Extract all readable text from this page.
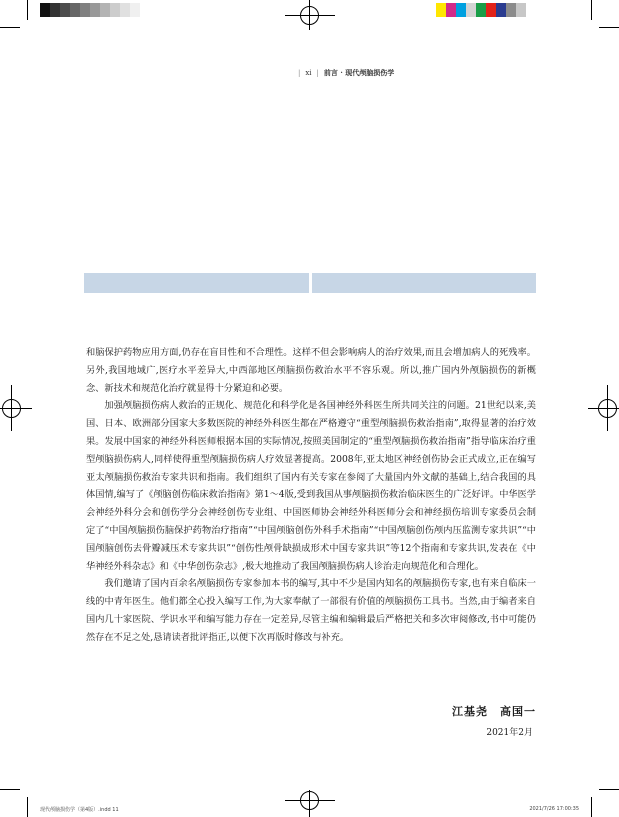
| xi | 前言 · 现代颅脑损伤学

和脑保护药物应用方面,仍存在盲目性和不合理性。这样不但会影响病人的治疗效果,而且会增加病人的死残率。另外,我国地域广,医疗水平差异大,中西部地区颅脑损伤救治水平不容乐观。所以,推广国内外颅脑损伤的新概念、新技术和规范化治疗就显得十分紧迫和必要。

加强颅脑损伤病人救治的正规化、规范化和科学化是各国神经外科医生所共同关注的问题。21世纪以来,美国、日本、欧洲部分国家大多数医院的神经外科医生都在严格遵守“重型颅脑损伤救治指南”,取得显著的治疗效果。发展中国家的神经外科医师根据本国的实际情况,按照美国制定的“重型颅脑损伤救治指南”指导临床治疗重型颅脑损伤病人,同样使得重型颅脑损伤病人疗效显著提高。2008年,亚太地区神经创伤协会正式成立,正在编写亚太颅脑损伤救治专家共识和指南。我们组织了国内有关专家在参阅了大量国内外文献的基础上,结合我国的具体国情,编写了《颅脑创伤临床救治指南》第1～4版,受到我国从事颅脑损伤救治临床医生的广泛好评。中华医学会神经外科分会和创伤学分会神经创伤专业组、中国医师协会神经外科医师分会和神经损伤培训专家委员会制定了“中国颅脑损伤脑保护药物治疗指南”“中国颅脑创伤外科手术指南”“中国颅脑创伤颅内压监测专家共识”“中国颅脑创伤去骨瓣减压术专家共识”“创伤性颅骨缺损成形术中国专家共识”等12个指南和专家共识,发表在《中华神经外科杂志》和《中华创伤杂志》,极大地推动了我国颅脑损伤病人诊治走向规范化和合理化。

我们邀请了国内百余名颅脑损伤专家参加本书的编写,其中不少是国内知名的颅脑损伤专家,也有来自临床一线的中青年医生。他们都全心投入编写工作,为大家奉献了一部很有价值的颅脑损伤工具书。当然,由于编者来自国内几十家医院、学识水平和编写能力存在一定差异,尽管主编和编辑最后严格把关和多次审阅修改,书中可能仍然存在不足之处,恳请读者批评指正,以便下次再版时修改与补充。

江基尧　高国一
2021年2月
现代颅脑损伤学（第4版）.indd 11	2021/7/26 17:00:35
